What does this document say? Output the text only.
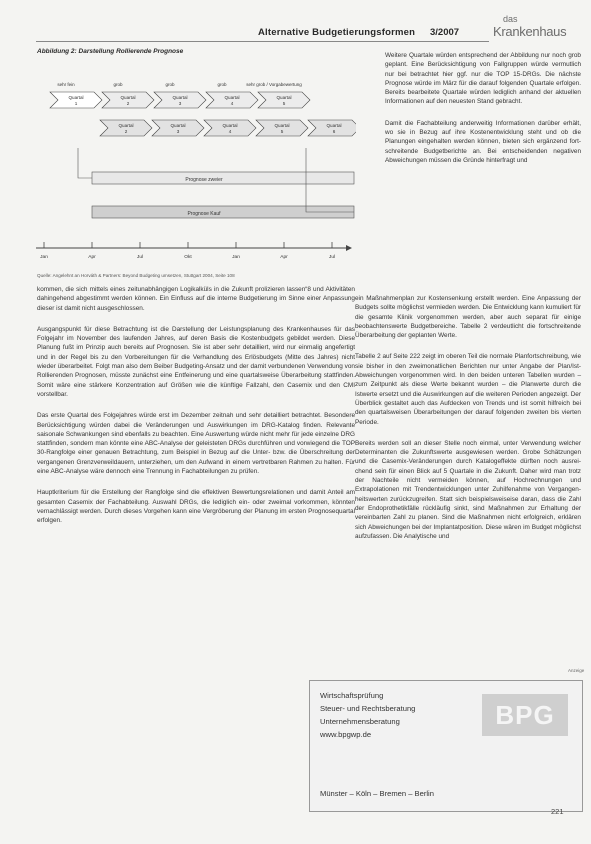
Alternative Budgetierungsformen 3/2007
das
Krankenhaus
Abbildung 2: Darstellung Rollierende Prognose
sehr fein	grob	grob	grob	sehr grob / Vorgabewertung
Quartal
1
Quartal
2
Quartal
3
Quartal
4
Quartal
5
Quartal
2
Quartal
3
Quartal
4
Quartal
5
Quartal
6
Prognose zweier
Prognose Kauf
Jan	Apr	Jul	Okt	Jan	Apr	Jul
Quelle: Angelehnt an Horváth & Partners: Beyond Budgeting umsetzen, Stuttgart 2004, Seite 108

kommen, die sich mittels eines zeitunabhängigen Logikalküls in die Zukunft prolizieren lassen“8 und Aktivitäten dahingehend abgestimmt werden können. Ein Einfluss auf die interne Budgetierung im Sinne einer Anpassung dieser ist damit nicht ausgeschlossen.

Ausgangspunkt für diese Betrachtung ist die Darstellung der Leistungsplanung des Krankenhauses für das Folgejahr im November des laufenden Jahres, auf deren Basis die Kostenbudgets gebildet werden. Diese Planung fußt im Prinzip auch bereits auf Prognosen. Sie ist aber sehr detailliert, wird nur einmalig angefertigt und in der Regel bis zu den Vorbereitungen für die Verhandlung des Erlösbudgets (Mitte des Jahres) nicht wieder überarbeitet. Folgt man also dem Beiber Budgeting-Ansatz und der damit verbundenen Verwendung von Rollierenden Prognosen, müsste zunächst eine Entfeinerung und eine quartalsweise Überarbeitung stattfinden. Somit wäre eine stärkere Konzentration auf Größen wie die künftige Fallzahl, den Casemix und den CMI vorstellbar.

Das erste Quartal des Folgejahres würde erst im Dezember zeitnah und sehr detailliert betrachtet. Besondere Berücksichtigung würden dabei die Veränderungen und Auswirkungen im DRG-Katalog finden. Relevante saisonale Schwankungen sind ebenfalls zu beachten. Eine Auswertung würde nicht mehr für jede einzelne DRG stattfinden, sondern man könnte eine ABC-Analyse der geleisteten DRGs durchführen und vorwiegend die TOP 30-Rangfolge einer genauen Betrachtung, zum Beispiel in Bezug auf die Unter- bzw. die Überschreitung der vergangenen Grenzverweildauern, unterziehen, um den Aufwand in einem vertretbaren Rahmen zu halten. Für eine ABC-Analyse wäre dennoch eine Trennung in Fachabteilungen zu prüfen.

Hauptkriterium für die Erstellung der Rangfolge sind die effektiven Bewertungsrelationen und damit Anteil am gesamten Casemix der Fachabteilung. Auswahl DRGs, die lediglich ein- oder zweimal vorkommen, könnten vernachlässigt werden. Durch dieses Vorgehen kann eine Vergröberung der Planung im ersten Prognosequartal erfolgen.

Weitere Quartale würden entsprechend der Abbildung nur noch grob geplant. Eine Berücksichtigung von Fallgruppen würde vermutlich nur bei betrachtet hier ggf. nur die TOP 15-DRGs. Die nächste Prognose würde im März für die darauf folgenden Quartale erfolgen. Bereits bearbeitete Quartale würden lediglich anhand der aktuellen Informationen auf den neuesten Stand gebracht.

Damit die Fachabteilung anderweitig Informationen darüber erhält, wo sie in Bezug auf ihre Kostenentwicklung steht und ob die Planungen eingehalten werden können, bieten sich ergänzend fortschreitende Budgetberichte an. Bei entscheidenden negativen Abweichungen müssen die Gründe hinterfragt und

ein Maßnahmenplan zur Kostensenkung erstellt werden. Eine Anpassung der Budgets sollte möglichst vermieden werden. Die Entwicklung kann kumuliert für die gesamte Klinik vorgenommen werden, aber auch separat für einige beobachtenswerte Budgetbereiche. Tabelle 2 verdeutlicht die fortschreitende Überarbeitung der geplanten Werte.

Tabelle 2 auf Seite 222 zeigt im oberen Teil die normale Planfortschreibung, wie sie bisher in den zweimonatlichen Berichten nur unter Angabe der Plan/Ist-Abweichungen vorgenommen wird. In den beiden unteren Tabellen wurden – zum Zeitpunkt als diese Werte bekannt wurden – die Planwerte durch die Istwerte ersetzt und die Auswirkungen auf die weiteren Perioden angezeigt. Der Überblick gestaltet auch das Aufdecken von Trends und ist somit hilfreich bei den quartalsweisen Überarbeitungen der darauf folgenden zweiten bis vierten Periode.

Bereits werden soll an dieser Stelle noch einmal, unter Verwendung welcher Determinanten die Zukunftswerte ausgewiesen werden. Grobe Schätzungen und die Casemix-Veränderungen durch Katalogeffekte dürften noch ausreichend sein für einen Blick auf 5 Quartale in die Zukunft. Daher wird man trotz der Nachteile nicht vermeiden können, auf Hochrechnungen und Extrapolationen mit Trendentwicklungen unter Zuhilfenahme von Vergangenheitswerten zurückzugreifen. Statt sich beispielsweiseise daran, dass die Zahl der Endoprothetikfälle rückläufig sinkt, sind Maßnahmen zur Erhaltung der vereinbarten Zahl zu planen. Sind die Maßnahmen nicht erfolgreich, erklären sich Abweichungen bei der Implantatposition. Diese wären im Budget möglichst aufzufassen. Die Analytische und

Anzeige
Wirtschaftsprüfung
Steuer- und Rechtsberatung
Unternehmensberatung
www.bpgwp.de
BPG
Münster – Köln – Bremen – Berlin
221
